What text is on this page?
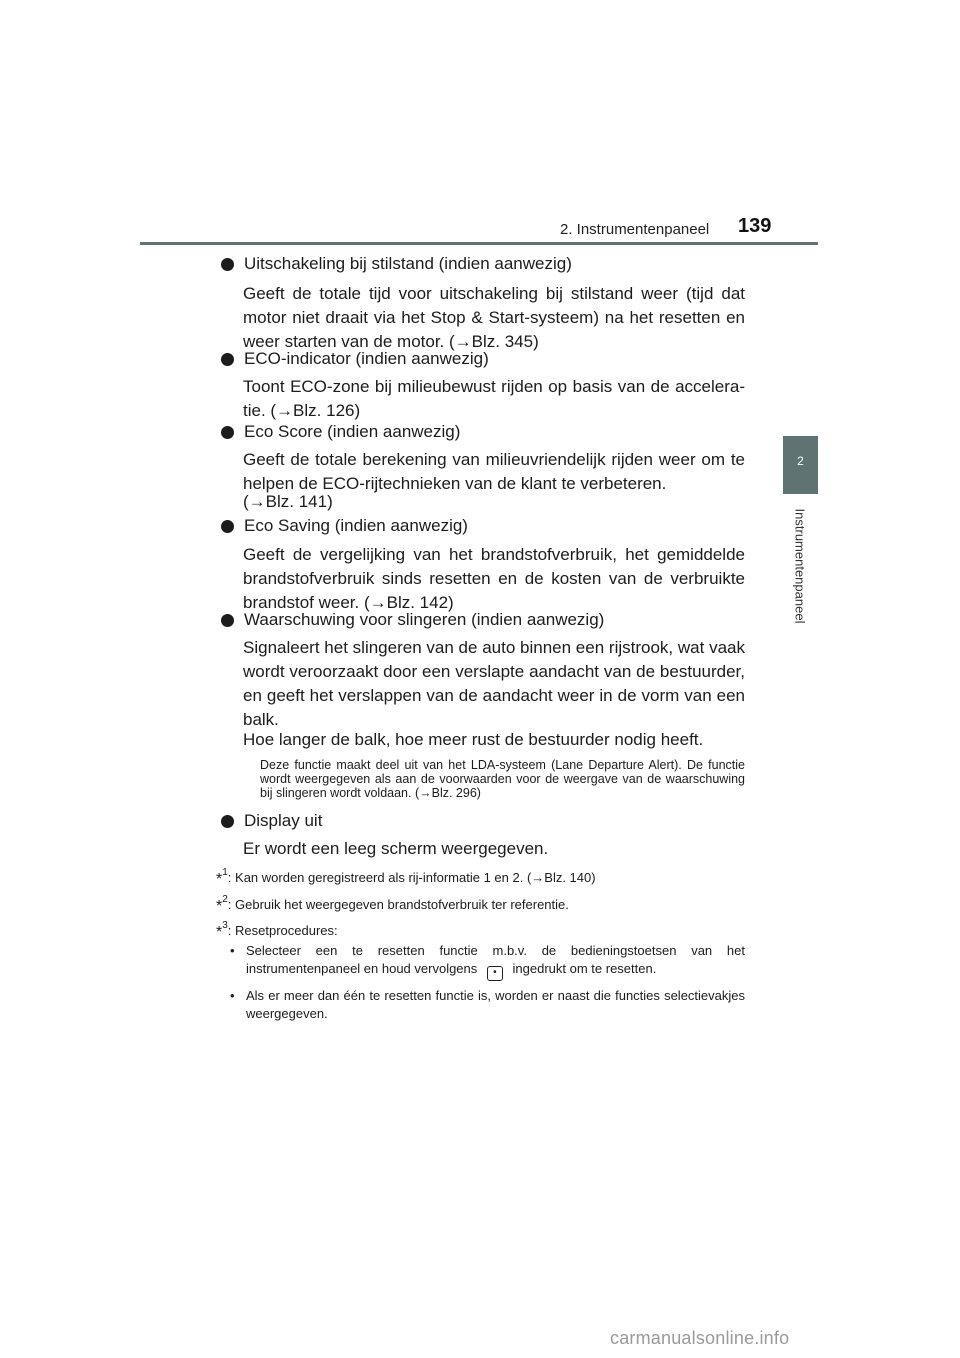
2. Instrumentenpaneel 139
2
Instrumentenpaneel
Uitschakeling bij stilstand (indien aanwezig)
Geeft de totale tijd voor uitschakeling bij stilstand weer (tijd dat motor niet draait via het Stop & Start-systeem) na het resetten en weer starten van de motor. (→Blz. 345)
ECO-indicator (indien aanwezig)
Toont ECO-zone bij milieubewust rijden op basis van de accelera-tie. (→Blz. 126)
Eco Score (indien aanwezig)
Geeft de totale berekening van milieuvriendelijk rijden weer om te helpen de ECO-rijtechnieken van de klant te verbeteren.
(→Blz. 141)
Eco Saving (indien aanwezig)
Geeft de vergelijking van het brandstofverbruik, het gemiddelde brandstofverbruik sinds resetten en de kosten van de verbruikte brandstof weer. (→Blz. 142)
Waarschuwing voor slingeren (indien aanwezig)
Signaleert het slingeren van de auto binnen een rijstrook, wat vaak wordt veroorzaakt door een verslapte aandacht van de bestuurder, en geeft het verslappen van de aandacht weer in de vorm van een balk.
Hoe langer de balk, hoe meer rust de bestuurder nodig heeft.
Deze functie maakt deel uit van het LDA-systeem (Lane Departure Alert). De functie wordt weergegeven als aan de voorwaarden voor de weergave van de waarschuwing bij slingeren wordt voldaan. (→Blz. 296)
Display uit
Er wordt een leeg scherm weergegeven.
*$^1$: Kan worden geregistreerd als rij-informatie 1 en 2. (→Blz. 140)
*$^2$: Gebruik het weergegeven brandstofverbruik ter referentie.
*$^3$: Resetprocedures:
• Selecteer een te resetten functie m.b.v. de bedieningstoetsen van het instrumentenpaneel en houd vervolgens • ingedrukt om te resetten.
• Als er meer dan één te resetten functie is, worden er naast die functies selectievakjes weergegeven.
carmanualsonline.info
